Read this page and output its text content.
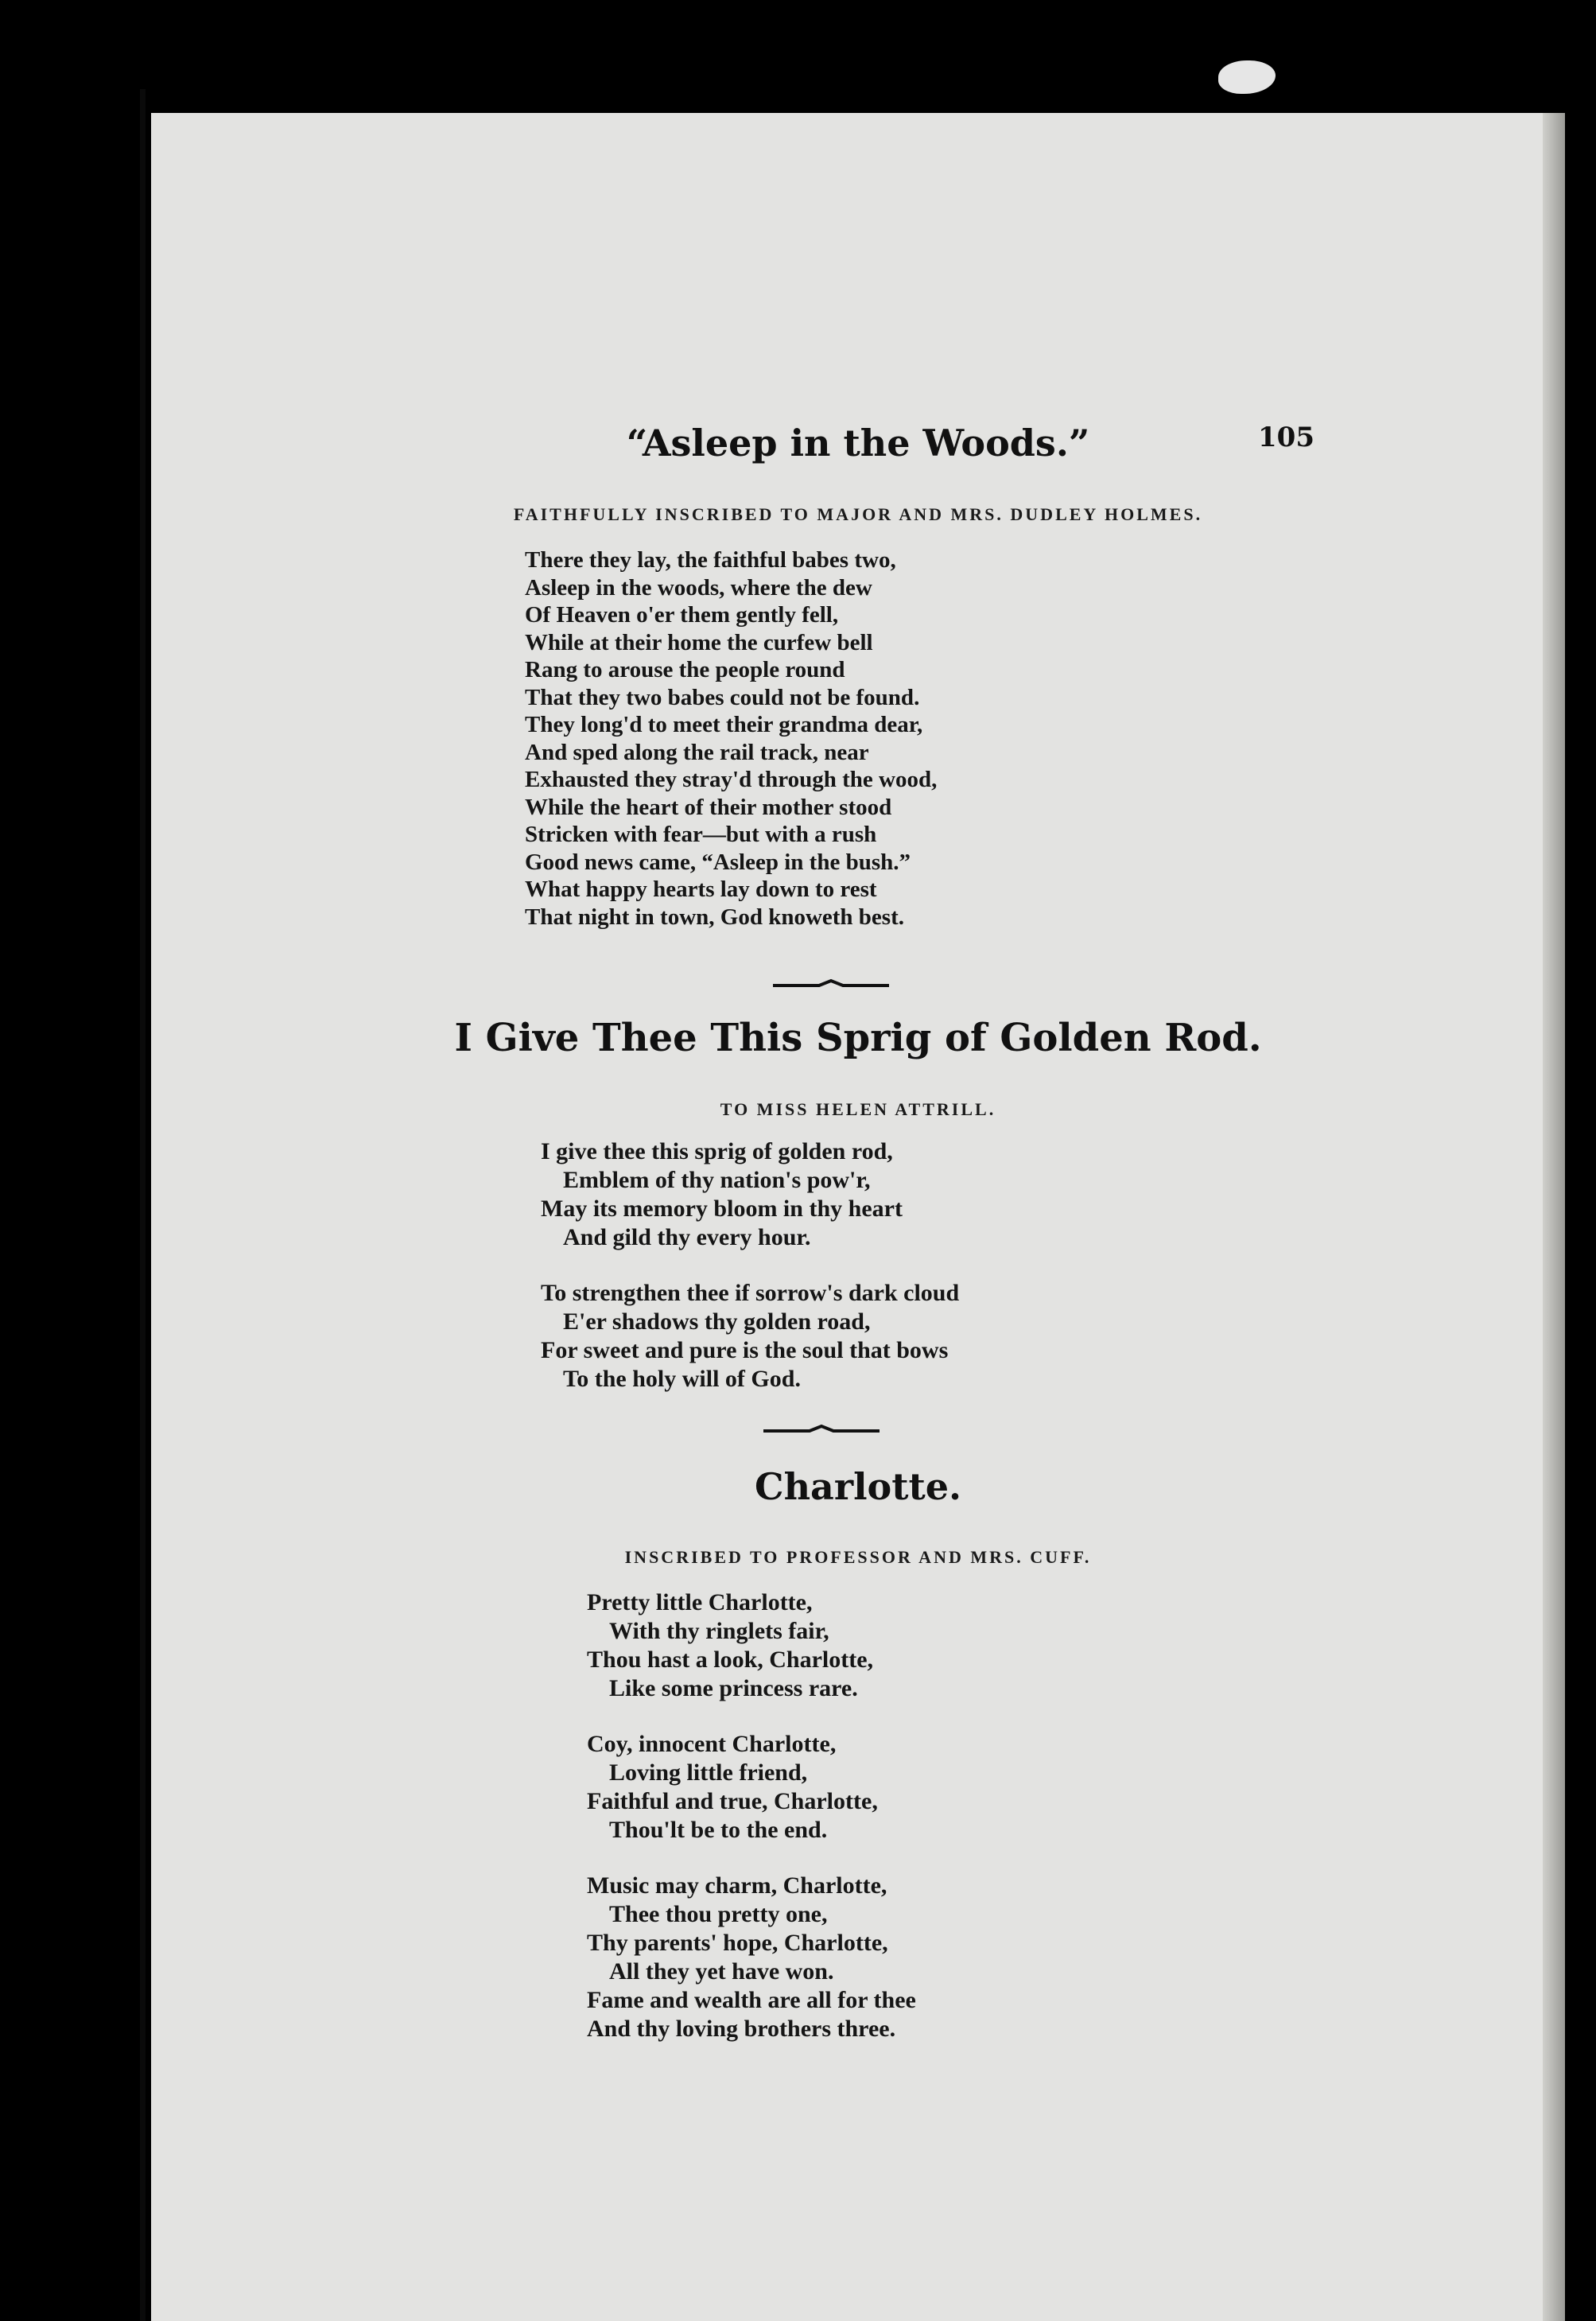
105
“Asleep in the Woods.”
FAITHFULLY INSCRIBED TO MAJOR AND MRS. DUDLEY HOLMES.
There they lay, the faithful babes two,
Asleep in the woods, where the dew
Of Heaven o'er them gently fell,
While at their home the curfew bell
Rang to arouse the people round
That they two babes could not be found.
They long'd to meet their grandma dear,
And sped along the rail track, near
Exhausted they stray'd through the wood,
While the heart of their mother stood
Stricken with fear—but with a rush
Good news came, “Asleep in the bush.”
What happy hearts lay down to rest
That night in town, God knoweth best.
I Give Thee This Sprig of Golden Rod.
TO MISS HELEN ATTRILL.
I give thee this sprig of golden rod,
Emblem of thy nation's pow'r,
May its memory bloom in thy heart
And gild thy every hour.
To strengthen thee if sorrow's dark cloud
E'er shadows thy golden road,
For sweet and pure is the soul that bows
To the holy will of God.
Charlotte.
INSCRIBED TO PROFESSOR AND MRS. CUFF.
Pretty little Charlotte,
With thy ringlets fair,
Thou hast a look, Charlotte,
Like some princess rare.
Coy, innocent Charlotte,
Loving little friend,
Faithful and true, Charlotte,
Thou'lt be to the end.
Music may charm, Charlotte,
Thee thou pretty one,
Thy parents' hope, Charlotte,
All they yet have won.
Fame and wealth are all for thee
And thy loving brothers three.
